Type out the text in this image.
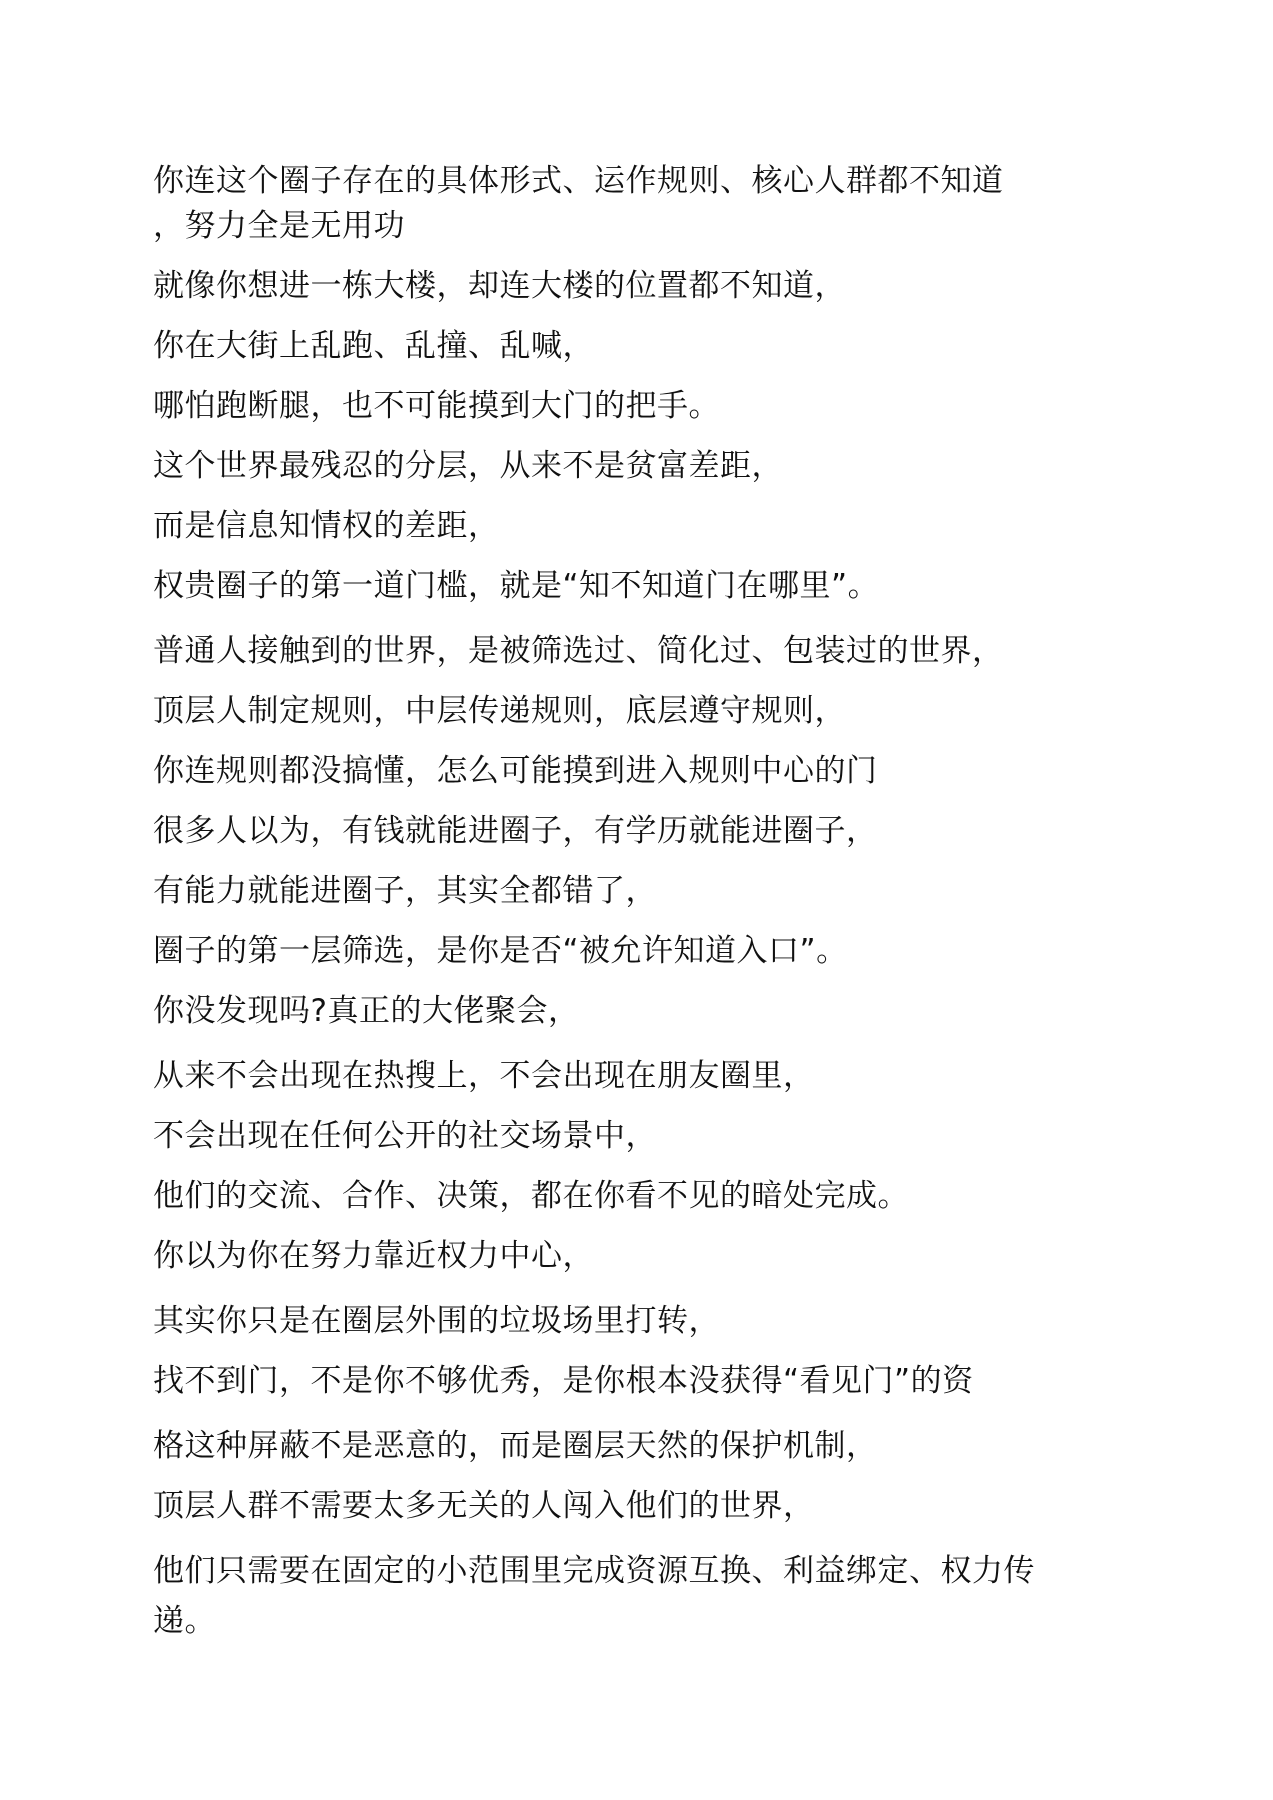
你连这个圈子存在的具体形式、运作规则、核心人群都不知道

，努力全是无用功

就像你想进一栋大楼，却连大楼的位置都不知道，

你在大街上乱跑、乱撞、乱喊，

哪怕跑断腿，也不可能摸到大门的把手。

这个世界最残忍的分层，从来不是贫富差距，

而是信息知情权的差距，

权贵圈子的第一道门槛，就是“知不知道门在哪里”。

普通人接触到的世界，是被筛选过、简化过、包装过的世界，

顶层人制定规则，中层传递规则，底层遵守规则，

你连规则都没搞懂，怎么可能摸到进入规则中心的门

很多人以为，有钱就能进圈子，有学历就能进圈子，

有能力就能进圈子，其实全都错了，

圈子的第一层筛选，是你是否“被允许知道入口”。

你没发现吗?真正的大佬聚会，

从来不会出现在热搜上，不会出现在朋友圈里，

不会出现在任何公开的社交场景中，

他们的交流、合作、决策，都在你看不见的暗处完成。

你以为你在努力靠近权力中心，

其实你只是在圈层外围的垃圾场里打转，

找不到门，不是你不够优秀，是你根本没获得“看见门”的资

格这种屏蔽不是恶意的，而是圈层天然的保护机制，

顶层人群不需要太多无关的人闯入他们的世界，

他们只需要在固定的小范围里完成资源互换、利益绑定、权力传

递。
